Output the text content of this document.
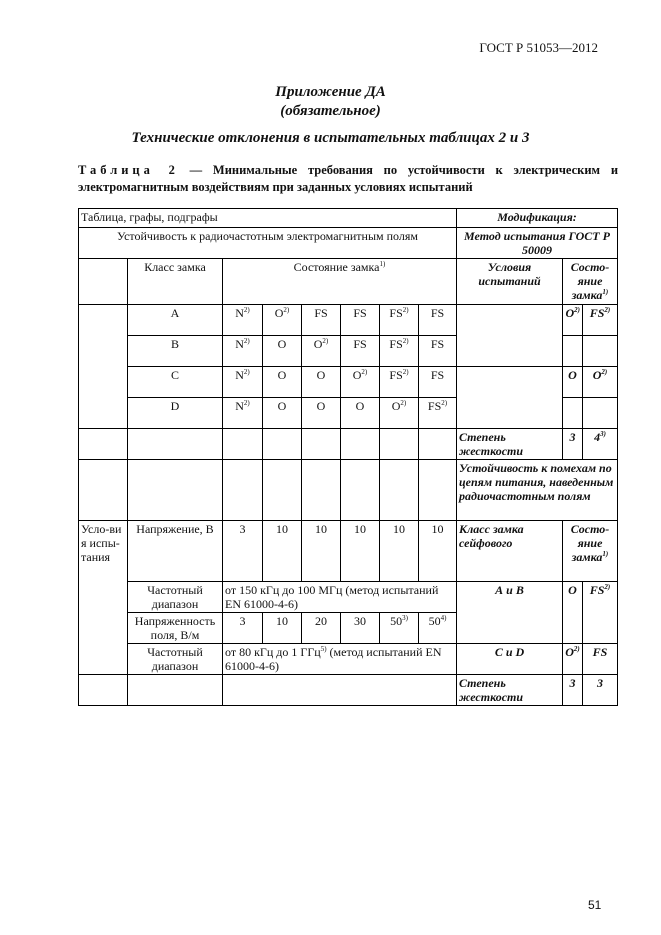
ГОСТ Р 51053—2012
Приложение ДА
(обязательное)
Технические отклонения в испытательных таблицах 2 и 3
Таблица 2 — Минимальные требования по устойчивости к электрическим и электромагнитным воздействиям при заданных условиях испытаний
Таблица, графы, подграфы								Модификация:		
Устойчивость к радиочастотным электромагнитным полям								Метод испытания ГОСТ Р 50009		
	Класс замка	Состояние замка$^{1)}$						Условия испытаний	Состо-яние
замка$^{1)}$
	A	$N^{2)}$	$O^{2)}$	FS	FS	FS$^{2)}$	FS		$O^{2)}$	FS$^{2)}$
	B	$N^{2)}$	O	$O^{2)}$	FS	FS$^{2)}$	FS			
	C	$N^{2)}$	O	O	$O^{2)}$	FS$^{2)}$	FS		O	$O^{2)}$
	D	$N^{2)}$	O	O	O	$O^{2)}$	FS$^{2)}$		
								Степень жесткости	3	4$^{3)}$
								Устойчивость к помехам по цепям питания, наведенным радиочастотным полям		
Усло-вия испы-тания	Напряжение, В	3	10	10	10	10	10	Класс замка сейфового	Состо-яние
замка$^{1)}$
	Частотный диапазон	от 150 кГц до 100 МГц (метод испытаний EN 61000-4-6)						А и В	O	FS$^{2)}$
	Напряженность поля, В/м	3	10	20	30	50$^{3)}$	50$^{4)}$
	Частотный диапазон	от 80 кГц до 1 ГГц$^{5)}$ (метод испытаний EN 61000-4-6)						C и D	$O^{2)}$	FS
								Степень жесткости	3	3
51
